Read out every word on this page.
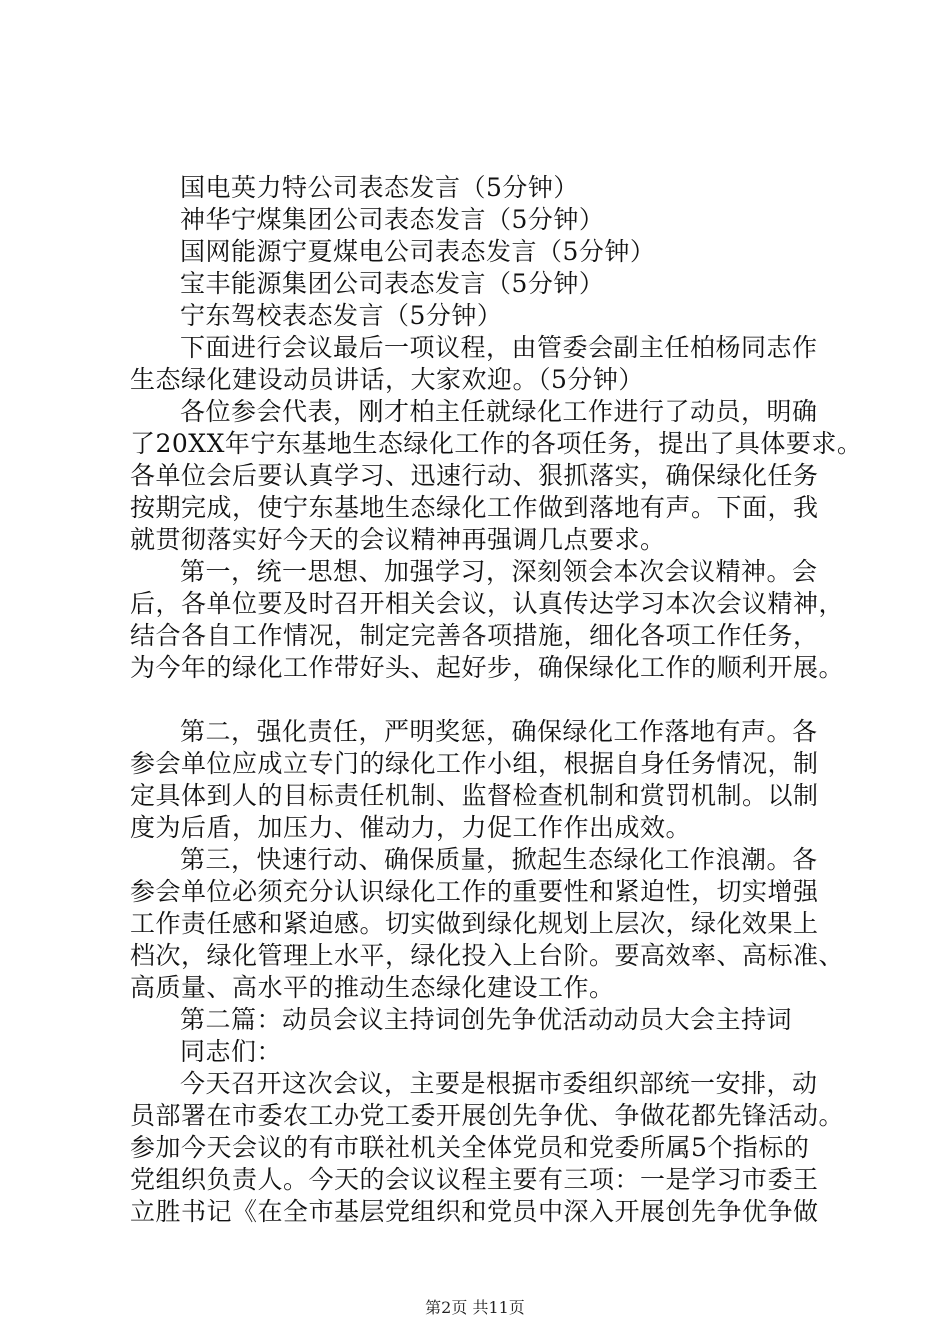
国电英力特公司表态发言（5分钟）
神华宁煤集团公司表态发言（5分钟）
国网能源宁夏煤电公司表态发言（5分钟）
宝丰能源集团公司表态发言（5分钟）
宁东驾校表态发言（5分钟）
下面进行会议最后一项议程，由管委会副主任柏杨同志作
生态绿化建设动员讲话，大家欢迎。（5分钟）
各位参会代表，刚才柏主任就绿化工作进行了动员，明确
了20XX年宁东基地生态绿化工作的各项任务，提出了具体要求。
各单位会后要认真学习、迅速行动、狠抓落实，确保绿化任务
按期完成，使宁东基地生态绿化工作做到落地有声。下面，我
就贯彻落实好今天的会议精神再强调几点要求。
第一，统一思想、加强学习，深刻领会本次会议精神。会
后，各单位要及时召开相关会议，认真传达学习本次会议精神，
结合各自工作情况，制定完善各项措施，细化各项工作任务，
为今年的绿化工作带好头、起好步，确保绿化工作的顺利开展。
第二，强化责任，严明奖惩，确保绿化工作落地有声。各
参会单位应成立专门的绿化工作小组，根据自身任务情况，制
定具体到人的目标责任机制、监督检查机制和赏罚机制。以制
度为后盾，加压力、催动力，力促工作作出成效。
第三，快速行动、确保质量，掀起生态绿化工作浪潮。各
参会单位必须充分认识绿化工作的重要性和紧迫性，切实增强
工作责任感和紧迫感。切实做到绿化规划上层次，绿化效果上
档次，绿化管理上水平，绿化投入上台阶。要高效率、高标准、
高质量、高水平的推动生态绿化建设工作。
第二篇：动员会议主持词创先争优活动动员大会主持词
同志们：
今天召开这次会议，主要是根据市委组织部统一安排，动
员部署在市委农工办党工委开展创先争优、争做花都先锋活动。
参加今天会议的有市联社机关全体党员和党委所属5个指标的
党组织负责人。今天的会议议程主要有三项：一是学习市委王
立胜书记《在全市基层党组织和党员中深入开展创先争优争做
第2页 共11页
